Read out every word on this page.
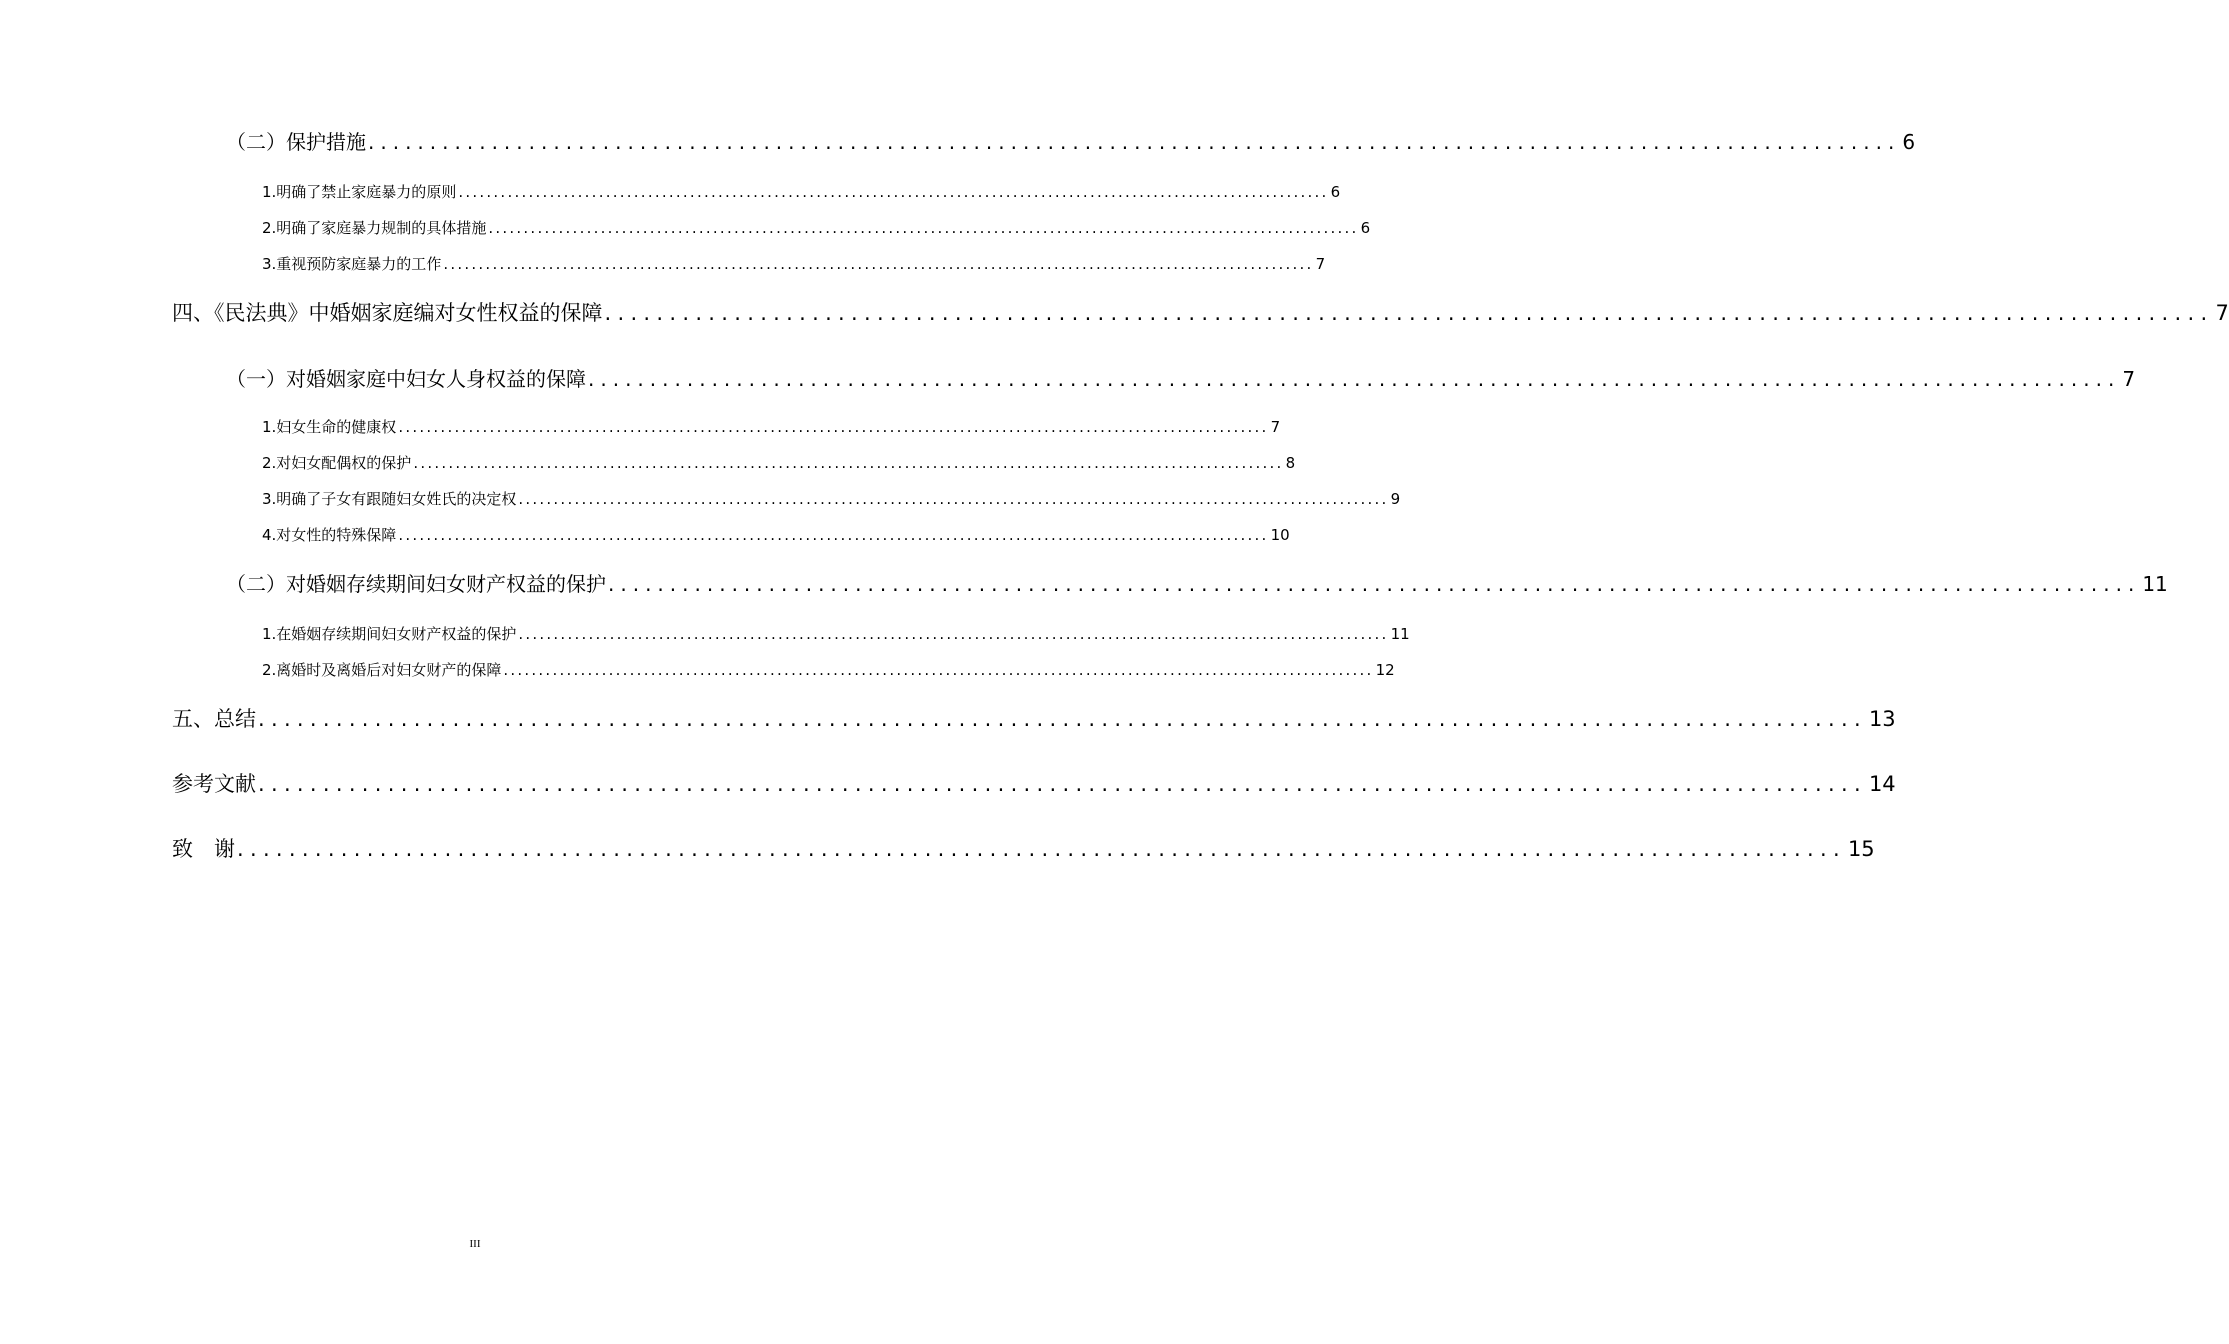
（二）保护措施 ............................................................................................................................ 6
1.明确了禁止家庭暴力的原则 ............................................................................................................................ 6
2.明确了家庭暴力规制的具体措施 ............................................................................................................................ 6
3.重视预防家庭暴力的工作 ............................................................................................................................ 7
四、《民法典》中婚姻家庭编对女性权益的保障 ............................................................................................................................ 7
（一）对婚姻家庭中妇女人身权益的保障 ............................................................................................................................ 7
1.妇女生命的健康权 ............................................................................................................................ 7
2.对妇女配偶权的保护 ............................................................................................................................ 8
3.明确了子女有跟随妇女姓氏的决定权 ............................................................................................................................ 9
4.对女性的特殊保障 ............................................................................................................................ 10
（二）对婚姻存续期间妇女财产权益的保护 ............................................................................................................................ 11
1.在婚姻存续期间妇女财产权益的保护 ............................................................................................................................ 11
2.离婚时及离婚后对妇女财产的保障 ............................................................................................................................ 12
五、总结 ............................................................................................................................ 13
参考文献 ............................................................................................................................ 14
致　谢 ............................................................................................................................ 15
III
